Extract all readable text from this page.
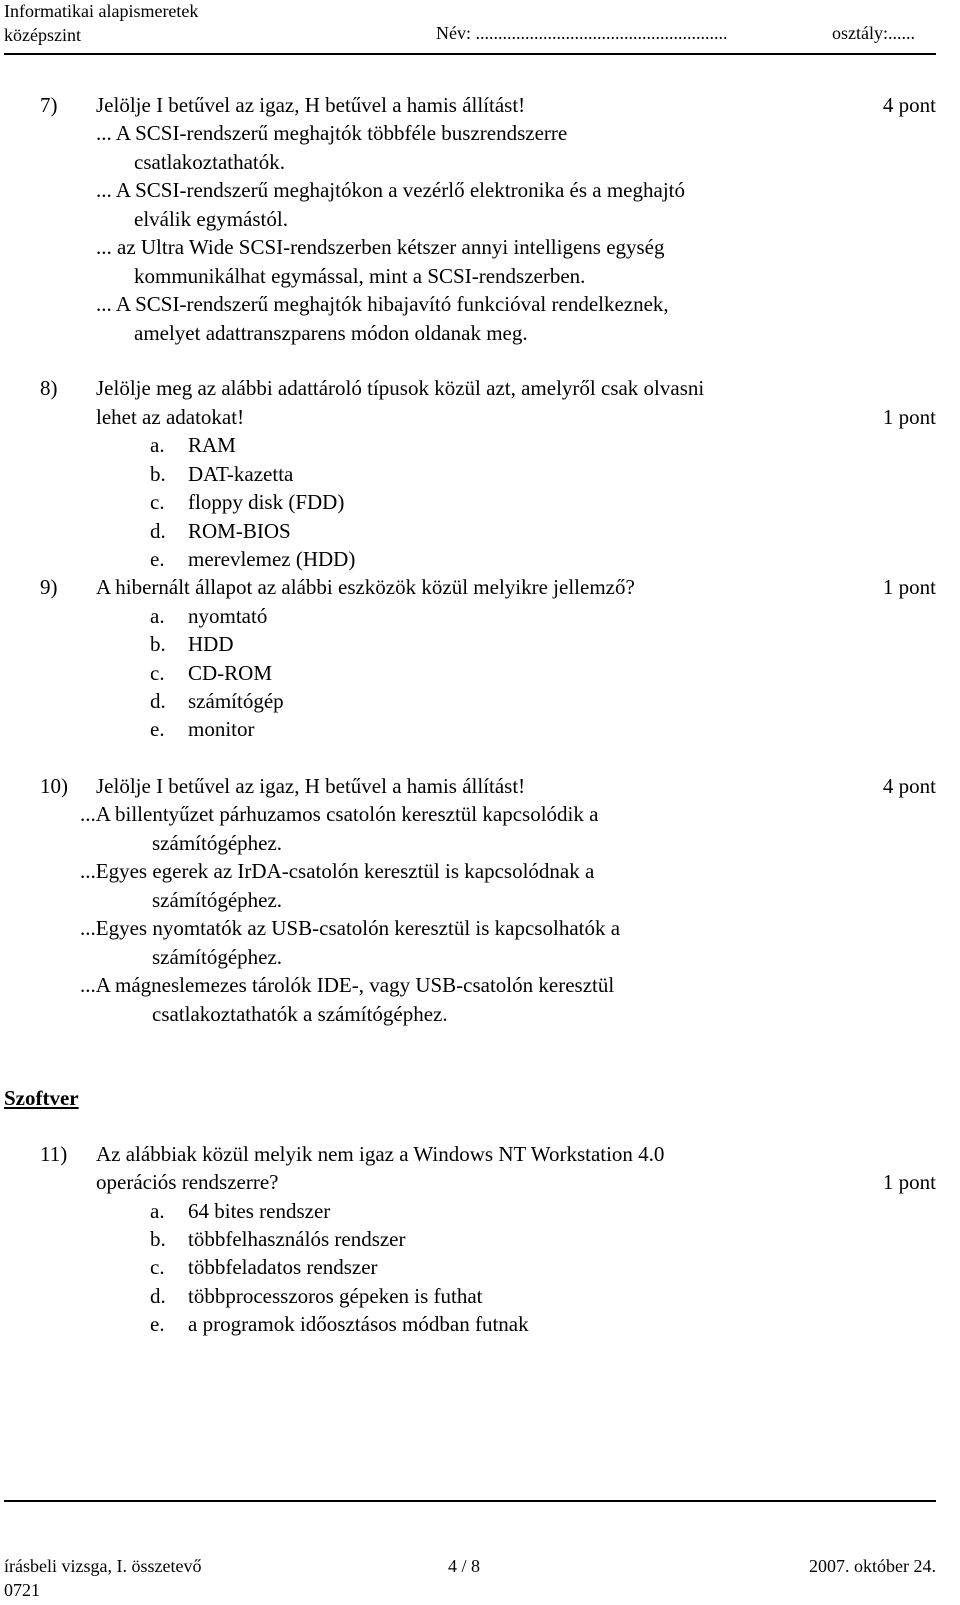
Informatikai alapismeretek
középszint	Név: ........................................................	osztály:......
7) Jelölje I betűvel az igaz, H betűvel a hamis állítást!	4 pont
... A SCSI-rendszerű meghajtók többféle buszrendszerre
csatlakoztathatók.
... A SCSI-rendszerű meghajtókon a vezérlő elektronika és a meghajtó
elválik egymástól.
... az Ultra Wide SCSI-rendszerben kétszer annyi intelligens egység
kommunikálhat egymással, mint a SCSI-rendszerben.
... A SCSI-rendszerű meghajtók hibajavító funkcióval rendelkeznek,
amelyet adattranszparens módon oldanak meg.
8) Jelölje meg az alábbi adattároló típusok közül azt, amelyről csak olvasni
lehet az adatokat!	1 pont
a. RAM
b. DAT-kazetta
c. floppy disk (FDD)
d. ROM-BIOS
e. merevlemez (HDD)
9) A hibernált állapot az alábbi eszközök közül melyikre jellemző?	1 pont
a. nyomtató
b. HDD
c. CD-ROM
d. számítógép
e. monitor
10) Jelölje I betűvel az igaz, H betűvel a hamis állítást!	4 pont
...A billentyűzet párhuzamos csatolón keresztül kapcsolódik a
számítógéphez.
...Egyes egerek az IrDA-csatolón keresztül is kapcsolódnak a
számítógéphez.
...Egyes nyomtatók az USB-csatolón keresztül is kapcsolhatók a
számítógéphez.
...A mágneslemezes tárolók IDE-, vagy USB-csatolón keresztül
csatlakoztathatók a számítógéphez.
Szoftver
11) Az alábbiak közül melyik nem igaz a Windows NT Workstation 4.0
operációs rendszerre?	1 pont
a. 64 bites rendszer
b. többfelhasználós rendszer
c. többfeladatos rendszer
d. többprocesszoros gépeken is futhat
e. a programok időosztásos módban futnak
írásbeli vizsga, I. összetevő	4 / 8	2007. október 24.
0721
